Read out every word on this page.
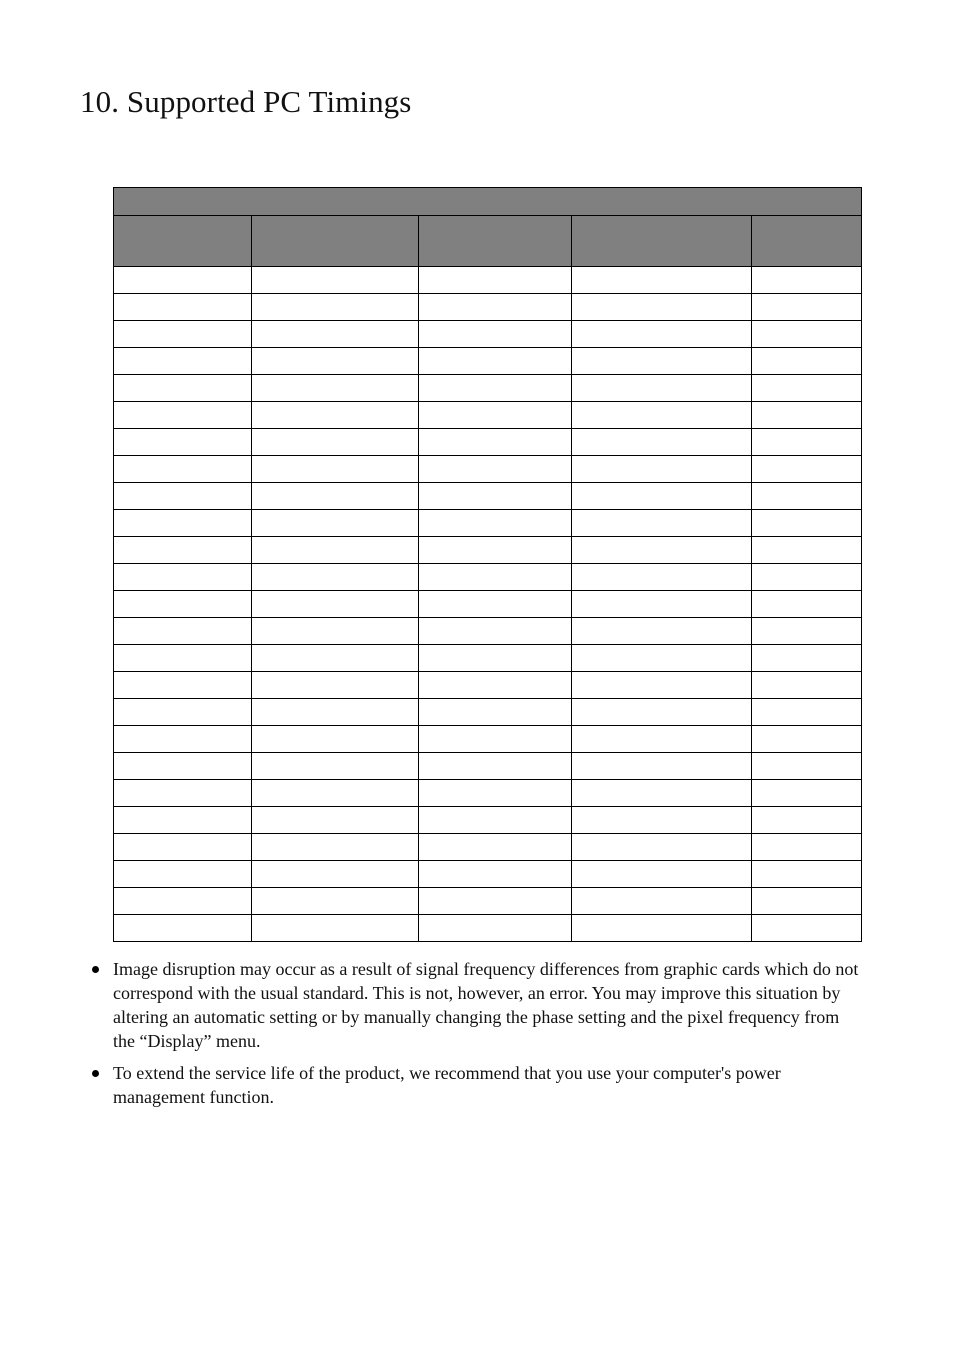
10. Supported PC Timings

Image disruption may occur as a result of signal frequency differences from graphic cards which do not correspond with the usual standard. This is not, however, an error. You may improve this situation by altering an automatic setting or by manually changing the phase setting and the pixel frequency from the “Display” menu.
To extend the service life of the product, we recommend that you use your computer's power management function.
